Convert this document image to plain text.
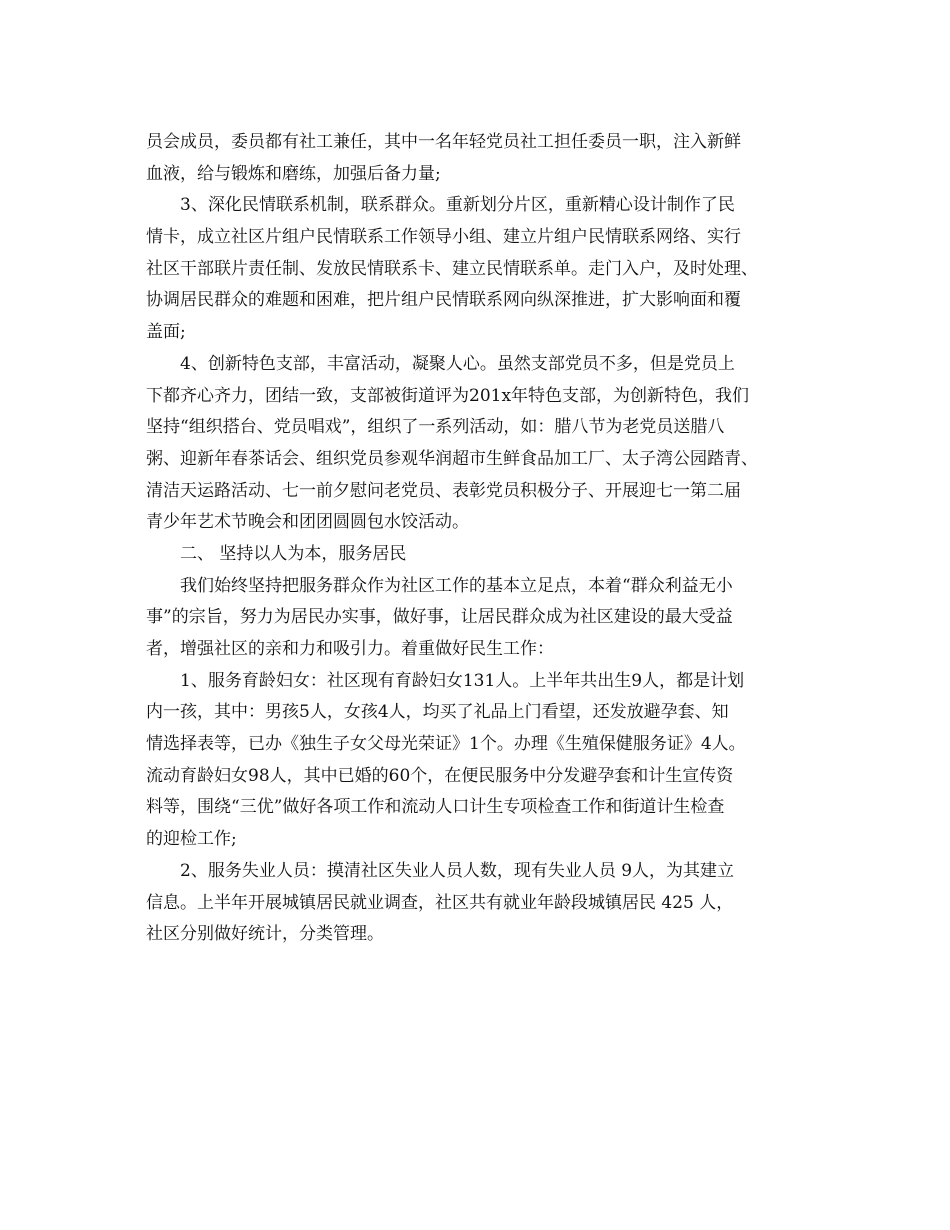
员会成员，委员都有社工兼任，其中一名年轻党员社工担任委员一职，注入新鲜
血液，给与锻炼和磨练，加强后备力量;
3、深化民情联系机制，联系群众。重新划分片区，重新精心设计制作了民
情卡，成立社区片组户民情联系工作领导小组、建立片组户民情联系网络、实行
社区干部联片责任制、发放民情联系卡、建立民情联系单。走门入户，及时处理、
协调居民群众的难题和困难，把片组户民情联系网向纵深推进，扩大影响面和覆
盖面;
4、创新特色支部，丰富活动，凝聚人心。虽然支部党员不多，但是党员上
下都齐心齐力，团结一致，支部被街道评为201x年特色支部，为创新特色，我们
坚持“组织搭台、党员唱戏”，组织了一系列活动，如：腊八节为老党员送腊八
粥、迎新年春茶话会、组织党员参观华润超市生鲜食品加工厂、太子湾公园踏青、
清洁天运路活动、七一前夕慰问老党员、表彰党员积极分子、开展迎七一第二届
青少年艺术节晚会和团团圆圆包水饺活动。
二、 坚持以人为本，服务居民
我们始终坚持把服务群众作为社区工作的基本立足点，本着“群众利益无小
事”的宗旨，努力为居民办实事，做好事，让居民群众成为社区建设的最大受益
者，增强社区的亲和力和吸引力。着重做好民生工作：
1、服务育龄妇女：社区现有育龄妇女131人。上半年共出生9人，都是计划
内一孩，其中：男孩5人，女孩4人，均买了礼品上门看望，还发放避孕套、知
情选择表等，已办《独生子女父母光荣证》1个。办理《生殖保健服务证》4人。
流动育龄妇女98人，其中已婚的60个，在便民服务中分发避孕套和计生宣传资
料等，围绕“三优”做好各项工作和流动人口计生专项检查工作和街道计生检查
的迎检工作;
2、服务失业人员：摸清社区失业人员人数，现有失业人员 9人，为其建立
信息。上半年开展城镇居民就业调查，社区共有就业年龄段城镇居民 425 人，
社区分别做好统计，分类管理。
